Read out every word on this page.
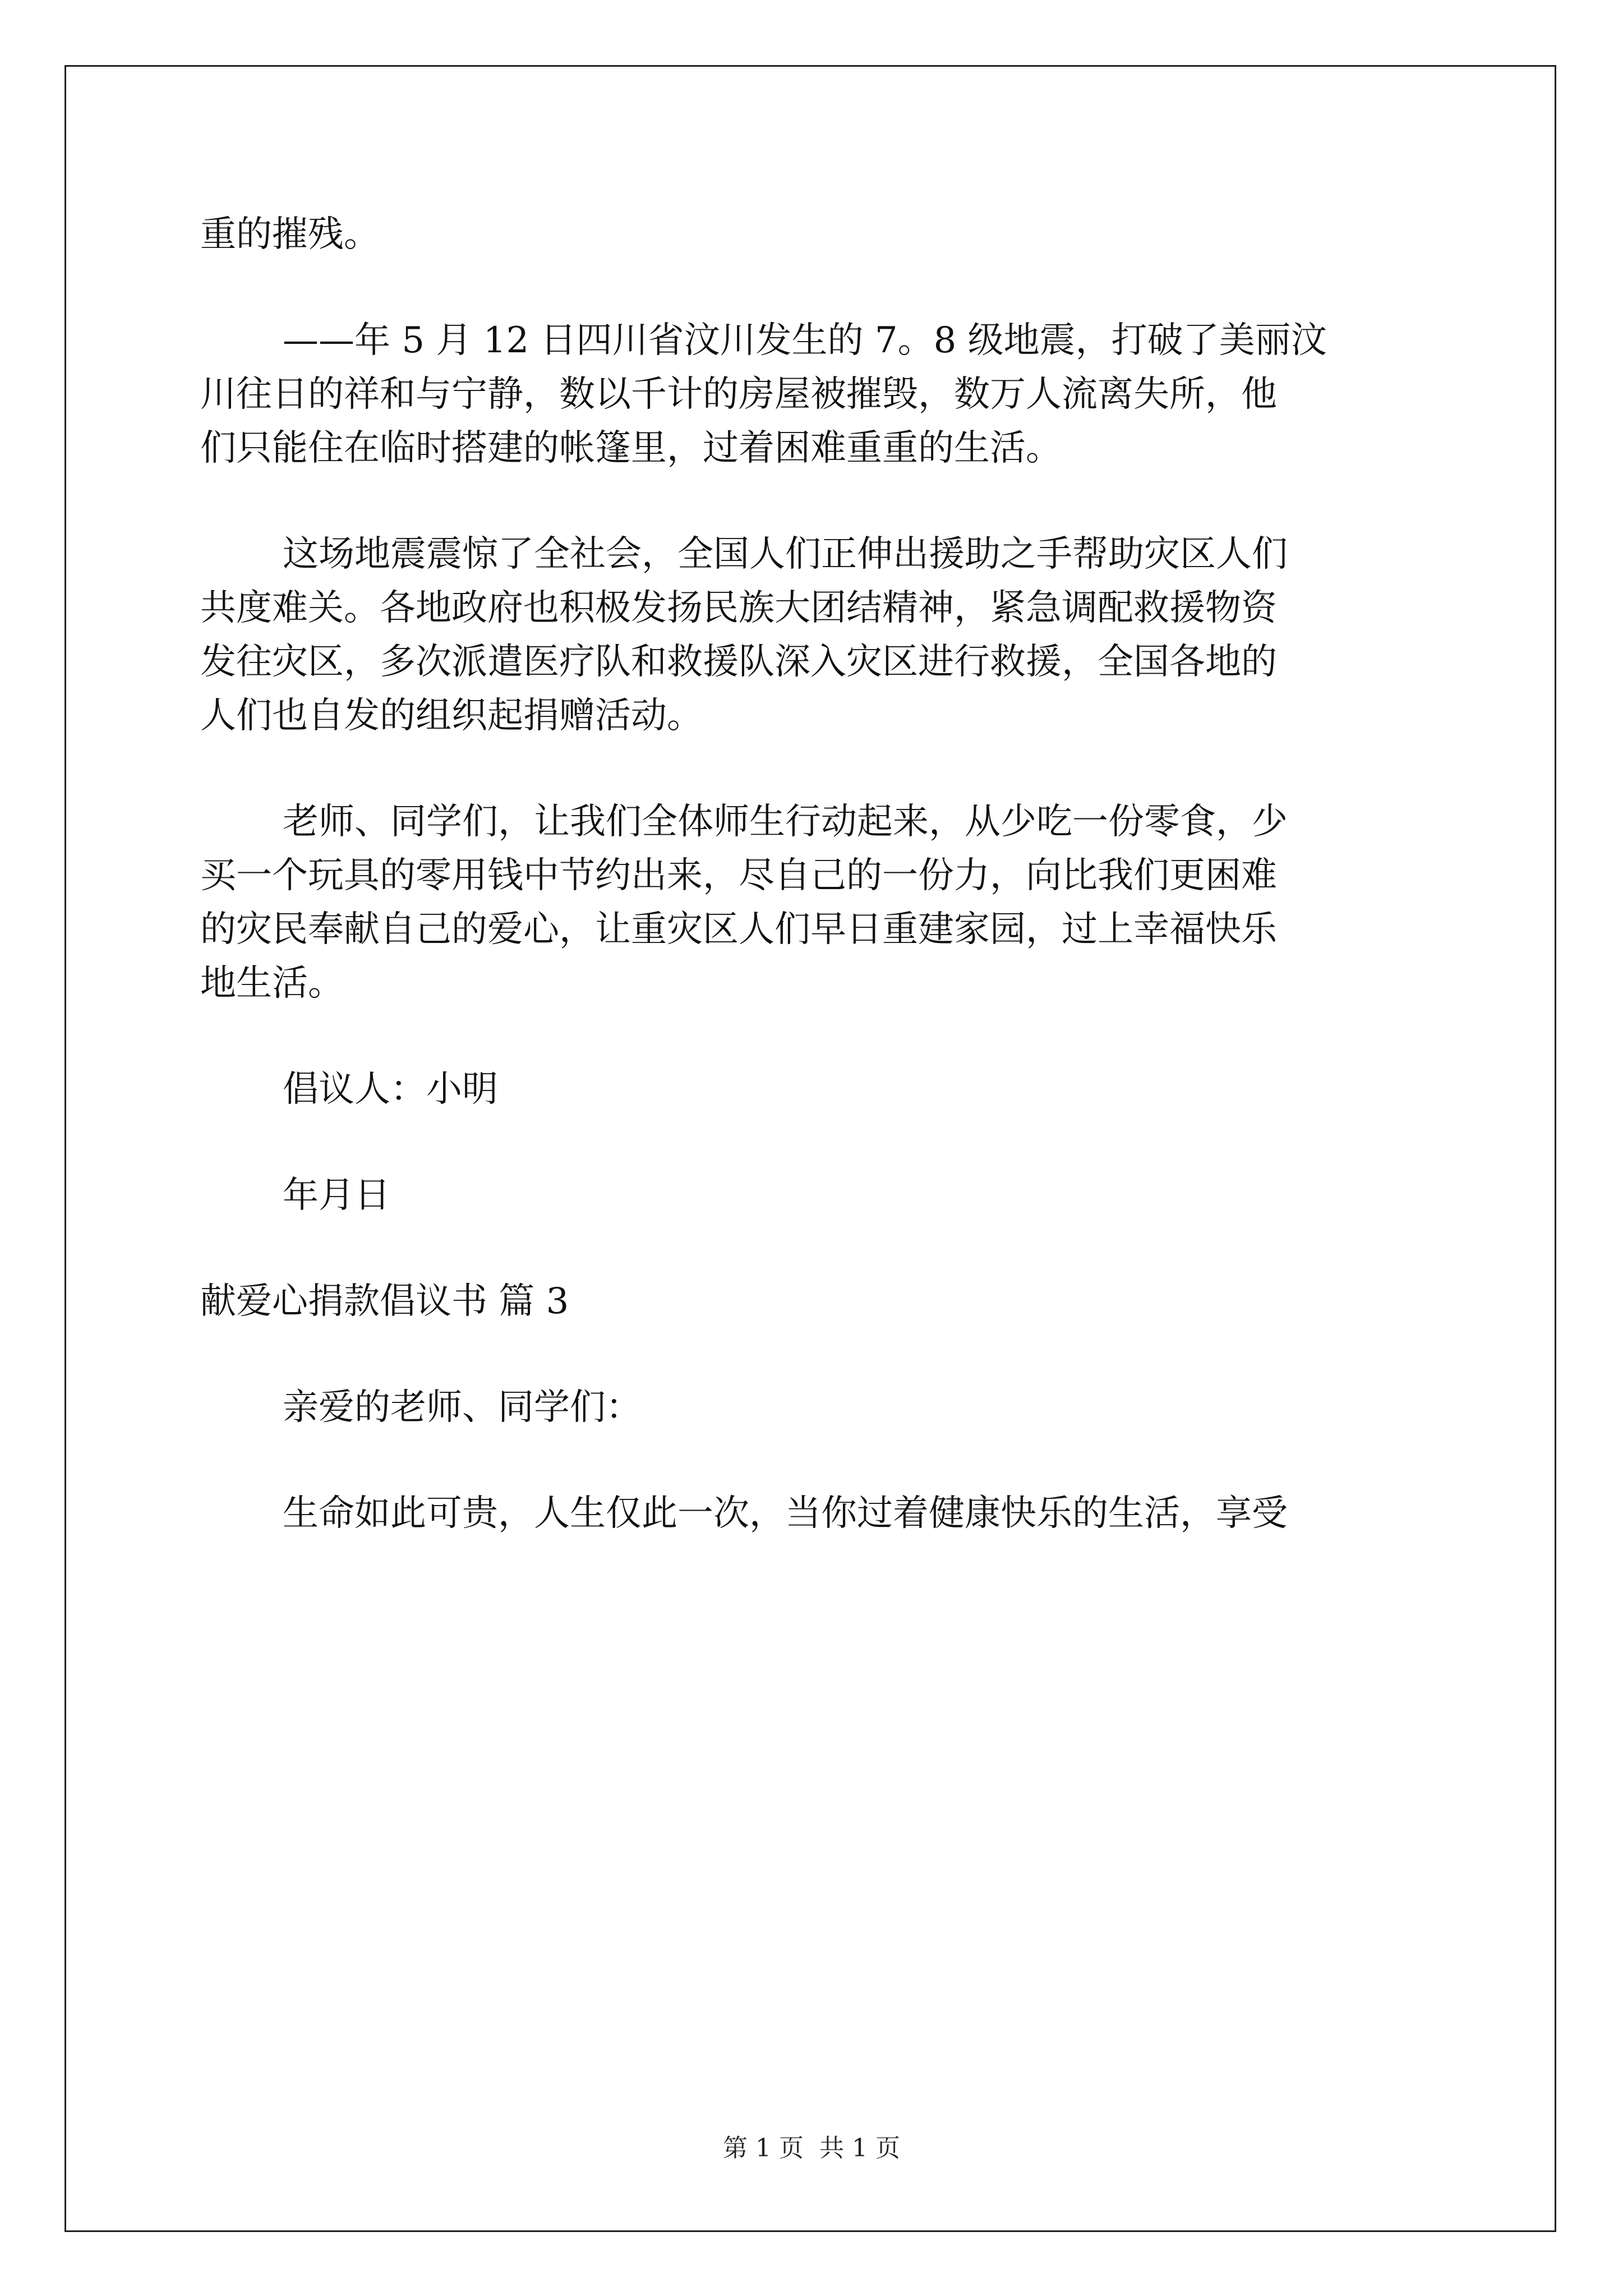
重的摧残。

——年 5 月 12 日四川省汶川发生的 7。8 级地震，打破了美丽汶

川往日的祥和与宁静，数以千计的房屋被摧毁，数万人流离失所，他

们只能住在临时搭建的帐篷里，过着困难重重的生活。

这场地震震惊了全社会，全国人们正伸出援助之手帮助灾区人们

共度难关。各地政府也积极发扬民族大团结精神，紧急调配救援物资

发往灾区，多次派遣医疗队和救援队深入灾区进行救援，全国各地的

人们也自发的组织起捐赠活动。

老师、同学们，让我们全体师生行动起来，从少吃一份零食，少

买一个玩具的零用钱中节约出来，尽自己的一份力，向比我们更困难

的灾民奉献自己的爱心，让重灾区人们早日重建家园，过上幸福快乐

地生活。

倡议人：小明

年月日

献爱心捐款倡议书 篇 3

亲爱的老师、同学们：

生命如此可贵，人生仅此一次，当你过着健康快乐的生活，享受

第 1 页 共 1 页
